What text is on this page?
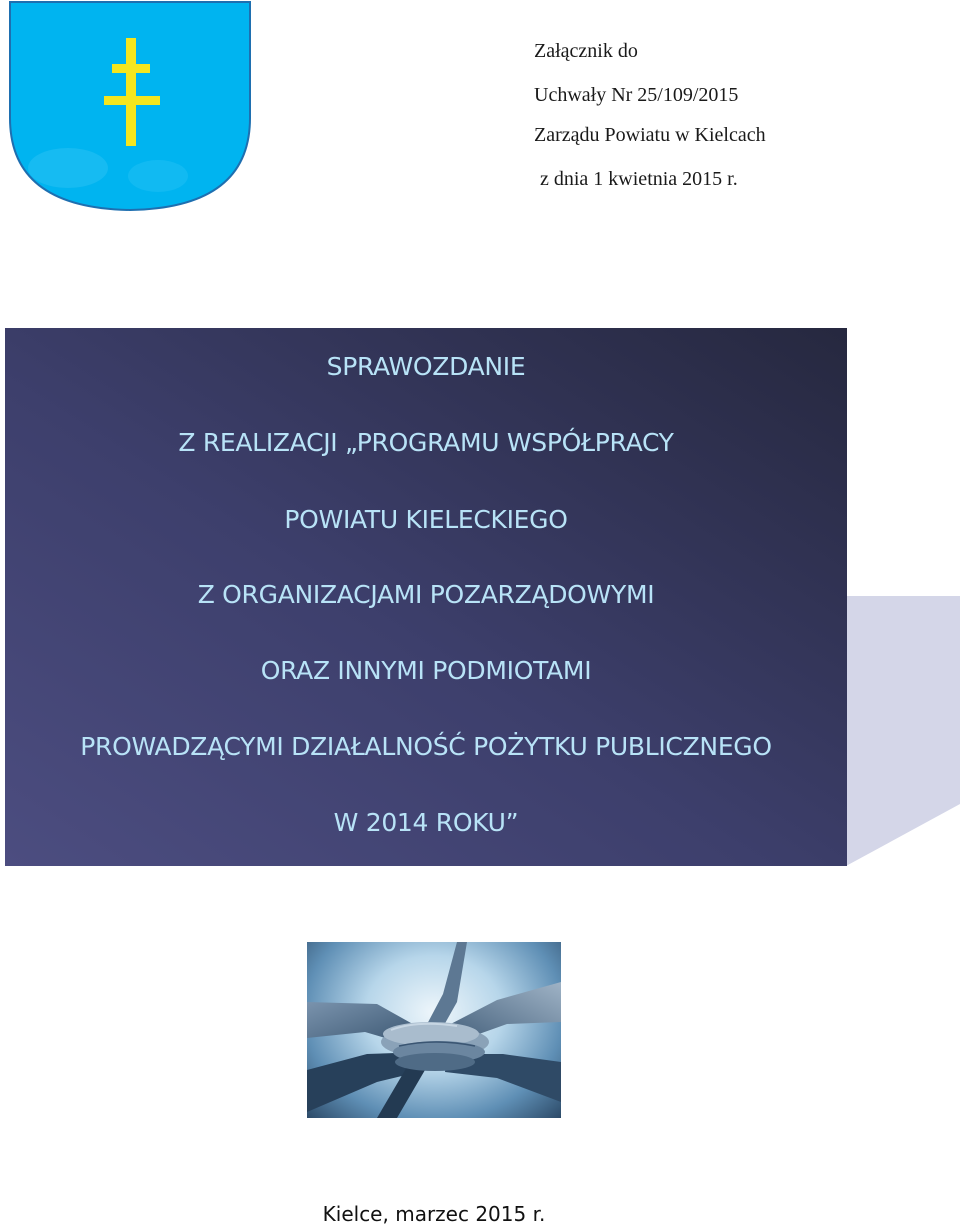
Załącznik do
Uchwały Nr 25/109/2015
Zarządu Powiatu w Kielcach
z dnia 1 kwietnia 2015 r.
SPRAWOZDANIE
Z REALIZACJI „PROGRAMU WSPÓŁPRACY
POWIATU KIELECKIEGO
Z ORGANIZACJAMI POZARZĄDOWYMI
ORAZ INNYMI PODMIOTAMI
PROWADZĄCYMI DZIAŁALNOŚĆ POŻYTKU PUBLICZNEGO
W 2014 ROKU”
Kielce, marzec 2015 r.
